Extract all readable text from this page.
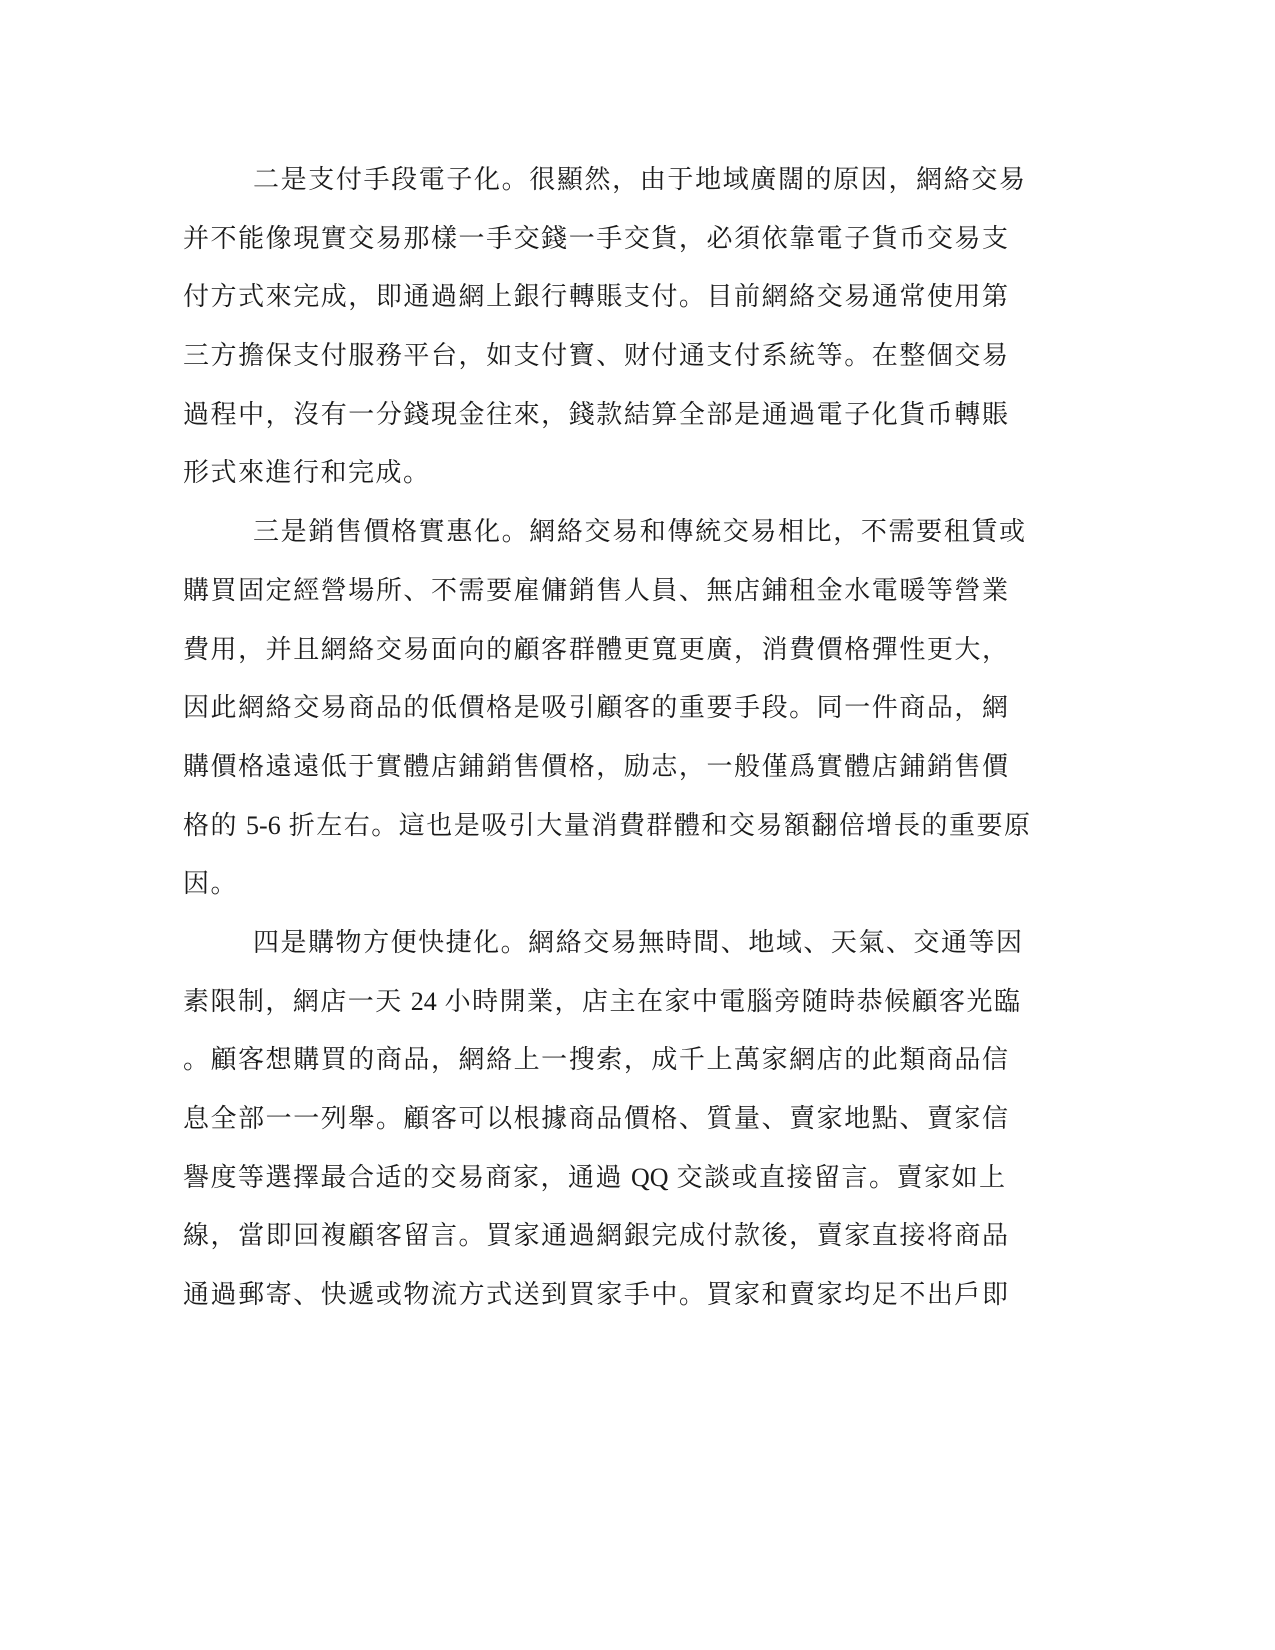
二是支付手段電子化。很顯然，由于地域廣闊的原因，網絡交易
并不能像現實交易那樣一手交錢一手交貨，必須依靠電子貨币交易支
付方式來完成，即通過網上銀行轉賬支付。目前網絡交易通常使用第
三方擔保支付服務平台，如支付寶、财付通支付系統等。在整個交易
過程中，沒有一分錢現金往來，錢款結算全部是通過電子化貨币轉賬
形式來進行和完成。
三是銷售價格實惠化。網絡交易和傳統交易相比，不需要租賃或
購買固定經營場所、不需要雇傭銷售人員、無店鋪租金水電暖等營業
費用，并且網絡交易面向的顧客群體更寬更廣，消費價格彈性更大，
因此網絡交易商品的低價格是吸引顧客的重要手段。同一件商品，網
購價格遠遠低于實體店鋪銷售價格，励志，一般僅爲實體店鋪銷售價
格的 5-6 折左右。這也是吸引大量消費群體和交易額翻倍增長的重要原
因。
四是購物方便快捷化。網絡交易無時間、地域、天氣、交通等因
素限制，網店一天 24 小時開業，店主在家中電腦旁随時恭候顧客光臨
。顧客想購買的商品，網絡上一搜索，成千上萬家網店的此類商品信
息全部一一列舉。顧客可以根據商品價格、質量、賣家地點、賣家信
譽度等選擇最合适的交易商家，通過 QQ 交談或直接留言。賣家如上
線，當即回複顧客留言。買家通過網銀完成付款後，賣家直接将商品
通過郵寄、快遞或物流方式送到買家手中。買家和賣家均足不出戶即
